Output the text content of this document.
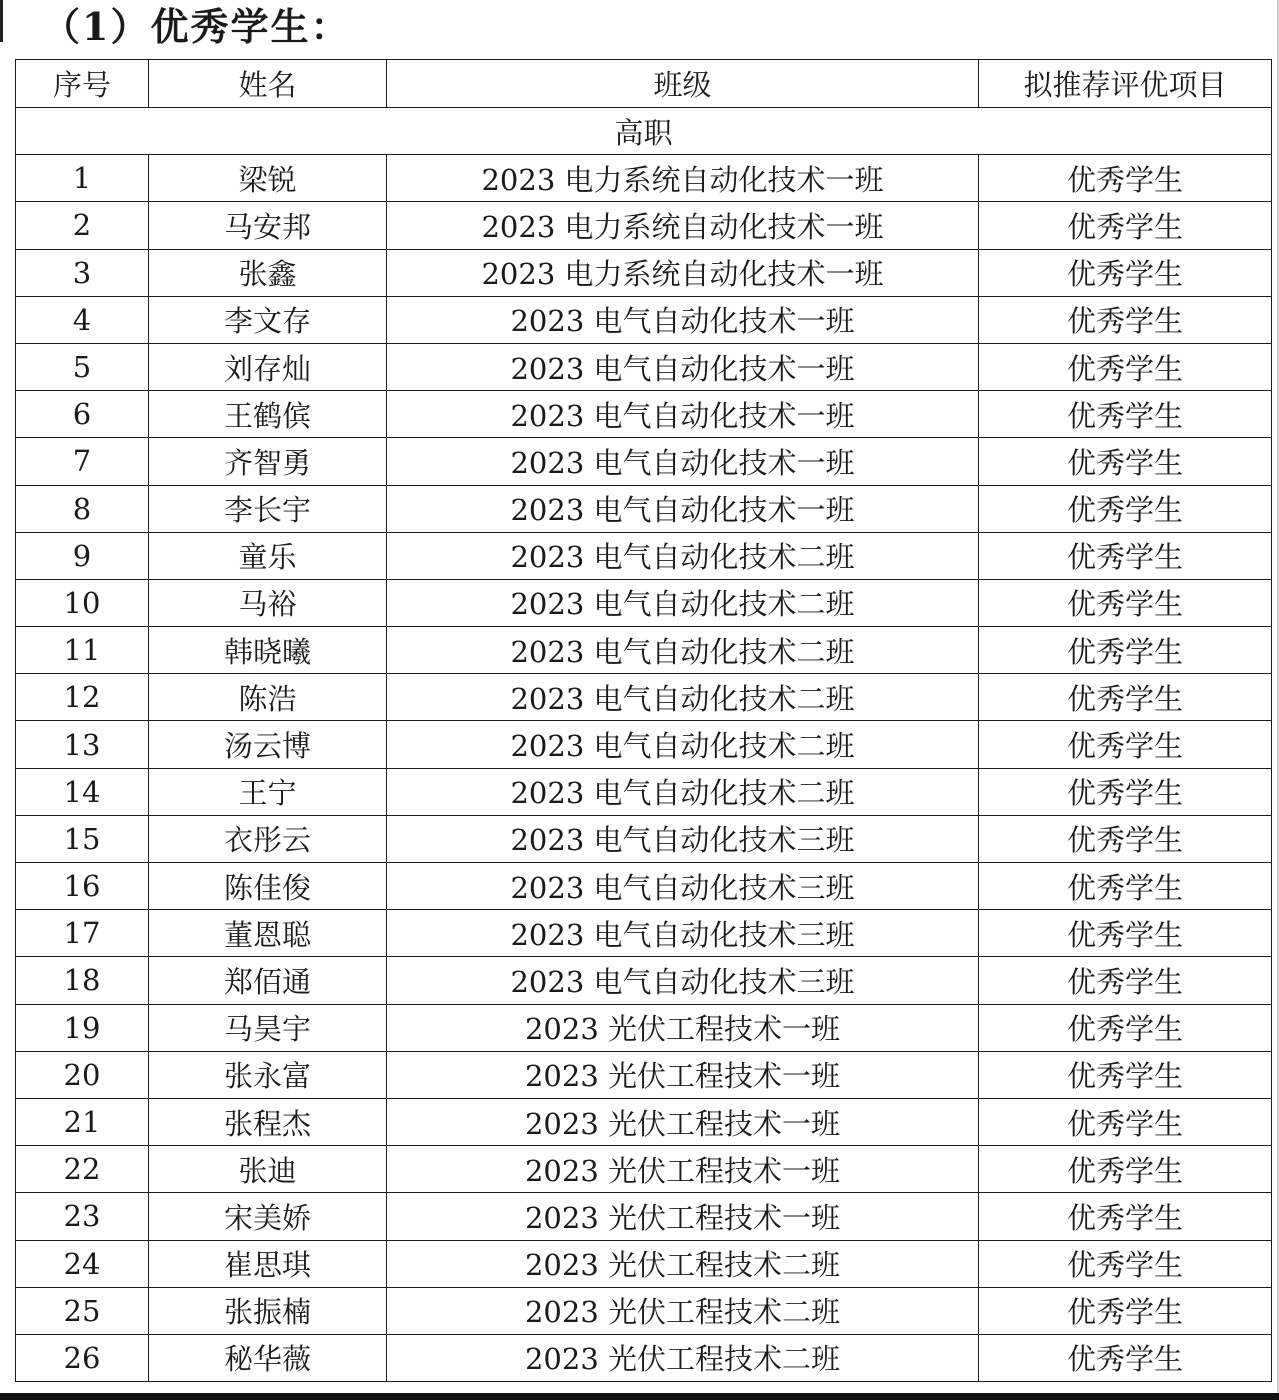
（1）优秀学生：
序号	姓名	班级	拟推荐评优项目
高职			
1	梁锐	2023 电力系统自动化技术一班	优秀学生
2	马安邦	2023 电力系统自动化技术一班	优秀学生
3	张鑫	2023 电力系统自动化技术一班	优秀学生
4	李文存	2023 电气自动化技术一班	优秀学生
5	刘存灿	2023 电气自动化技术一班	优秀学生
6	王鹤傧	2023 电气自动化技术一班	优秀学生
7	齐智勇	2023 电气自动化技术一班	优秀学生
8	李长宇	2023 电气自动化技术一班	优秀学生
9	童乐	2023 电气自动化技术二班	优秀学生
10	马裕	2023 电气自动化技术二班	优秀学生
11	韩晓曦	2023 电气自动化技术二班	优秀学生
12	陈浩	2023 电气自动化技术二班	优秀学生
13	汤云博	2023 电气自动化技术二班	优秀学生
14	王宁	2023 电气自动化技术二班	优秀学生
15	衣彤云	2023 电气自动化技术三班	优秀学生
16	陈佳俊	2023 电气自动化技术三班	优秀学生
17	董恩聪	2023 电气自动化技术三班	优秀学生
18	郑佰通	2023 电气自动化技术三班	优秀学生
19	马昊宇	2023 光伏工程技术一班	优秀学生
20	张永富	2023 光伏工程技术一班	优秀学生
21	张程杰	2023 光伏工程技术一班	优秀学生
22	张迪	2023 光伏工程技术一班	优秀学生
23	宋美娇	2023 光伏工程技术一班	优秀学生
24	崔思琪	2023 光伏工程技术二班	优秀学生
25	张振楠	2023 光伏工程技术二班	优秀学生
26	秘华薇	2023 光伏工程技术二班	优秀学生
